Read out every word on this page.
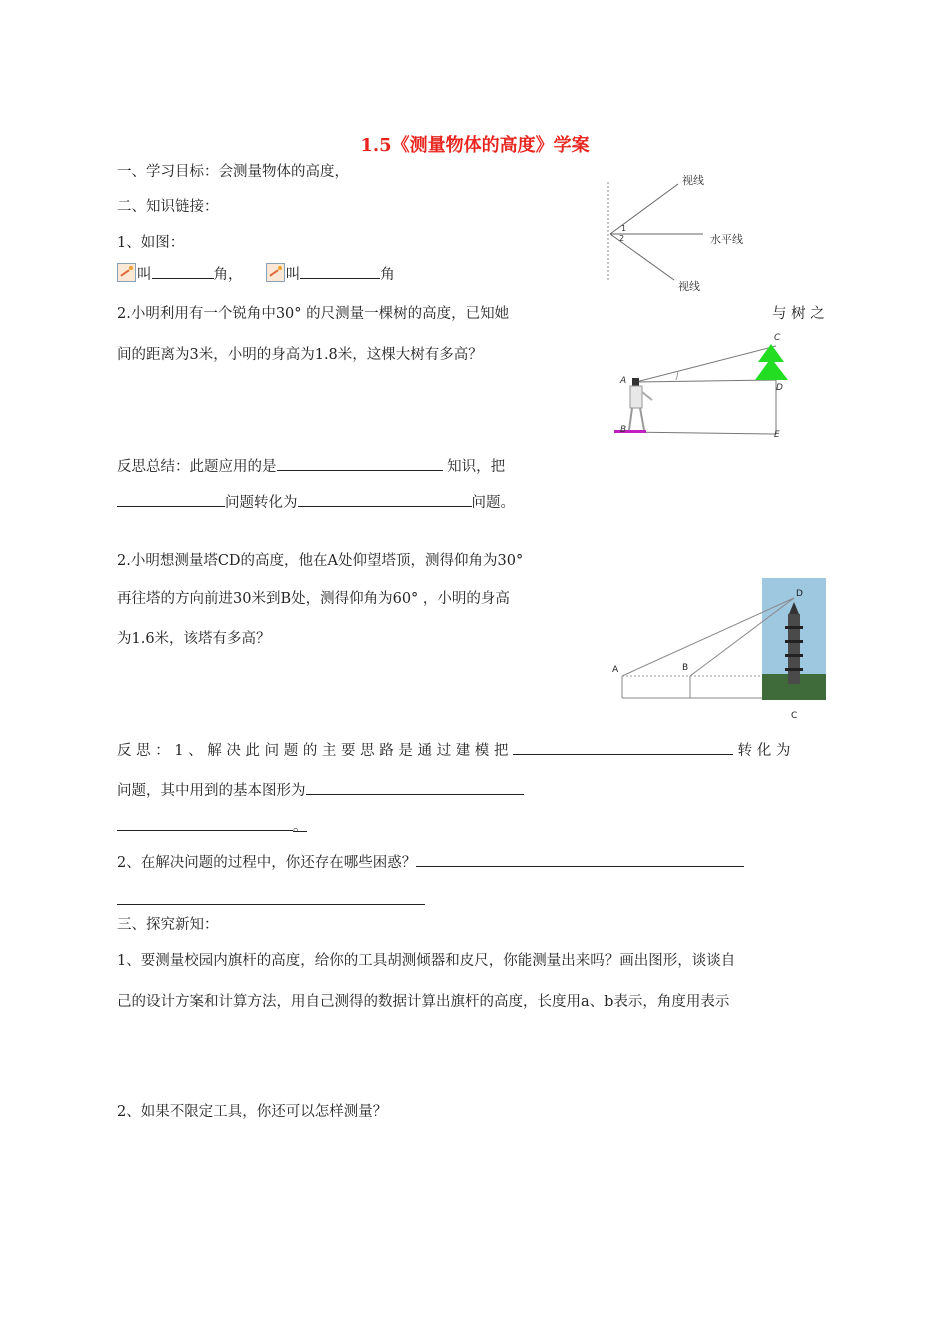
1.5《测量物体的高度》学案
一、学习目标：会测量物体的高度，
二、知识链接：
1、如图：
叫	角，	叫	角
2.小明利用有一个锐角中30° 的尺测量一棵树的高度，已知她	与 树 之
间的距离为3米，小明的身高为1.8米，这棵大树有多高？
反思总结：此题应用的是	知识，把
问题转化为	问题。
2.小明想测量塔CD的高度，他在A处仰望塔顶，测得仰角为30°
再往塔的方向前进30米到B处，测得仰角为60° ，小明的身高
为1.6米，该塔有多高？
反 思 ： 1 、 解 决 此 问 题 的 主 要 思 路 是 通 过 建 模 把	转 化 为
问题，其中用到的基本图形为
。
2、在解决问题的过程中，你还存在哪些困惑？
三、探究新知：
1、要测量校园内旗杆的高度，给你的工具胡测倾器和皮尺，你能测量出来吗？画出图形，谈谈自
己的设计方案和计算方法，用自己测得的数据计算出旗杆的高度，长度用a、b表示，角度用表示
2、如果不限定工具，你还可以怎样测量？
视线
水平线
视线
1
2
C
A
D
B	E
D
A	B
C
